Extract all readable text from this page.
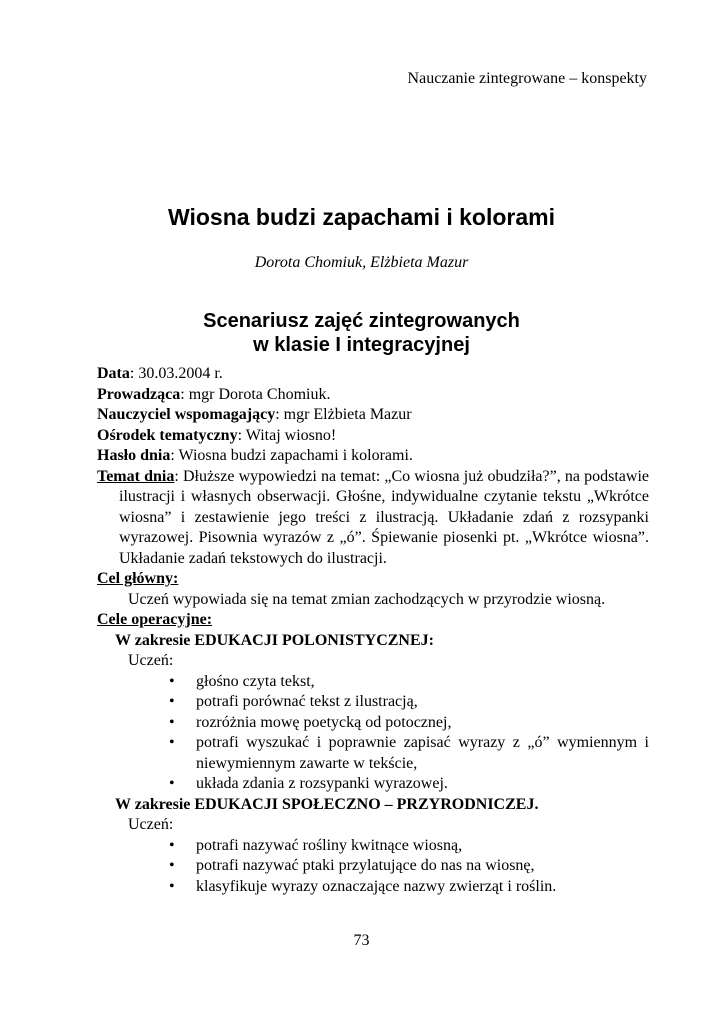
Nauczanie zintegrowane – konspekty
Wiosna budzi zapachami i kolorami
Dorota Chomiuk, Elżbieta Mazur
Scenariusz zajęć zintegrowanych
w klasie I integracyjnej

Data: 30.03.2004 r.

Prowadząca: mgr Dorota Chomiuk.

Nauczyciel wspomagający: mgr Elżbieta Mazur

Ośrodek tematyczny: Witaj wiosno!

Hasło dnia: Wiosna budzi zapachami i kolorami.

Temat dnia: Dłuższe wypowiedzi na temat: „Co wiosna już obudziła?”, na podstawie ilustracji i własnych obserwacji. Głośne, indywidualne czytanie tekstu „Wkrótce wiosna” i zestawienie jego treści z ilustracją. Układanie zdań z rozsypanki wyrazowej. Pisownia wyrazów z „ó”. Śpiewanie piosenki pt. „Wkrótce wiosna”. Układanie zadań tekstowych do ilustracji.

Cel główny:

Uczeń wypowiada się na temat zmian zachodzących w przyrodzie wiosną.

Cele operacyjne:

W zakresie EDUKACJI POLONISTYCZNEJ:

Uczeń:

• głośno czyta tekst,
• potrafi porównać tekst z ilustracją,
• rozróżnia mowę poetycką od potocznej,
• potrafi wyszukać i poprawnie zapisać wyrazy z „ó” wymiennym i niewymiennym zawarte w tekście,
• układa zdania z rozsypanki wyrazowej.

W zakresie EDUKACJI SPOŁECZNO – PRZYRODNICZEJ.

Uczeń:

• potrafi nazywać rośliny kwitnące wiosną,
• potrafi nazywać ptaki przylatujące do nas na wiosnę,
• klasyfikuje wyrazy oznaczające nazwy zwierząt i roślin.
73
